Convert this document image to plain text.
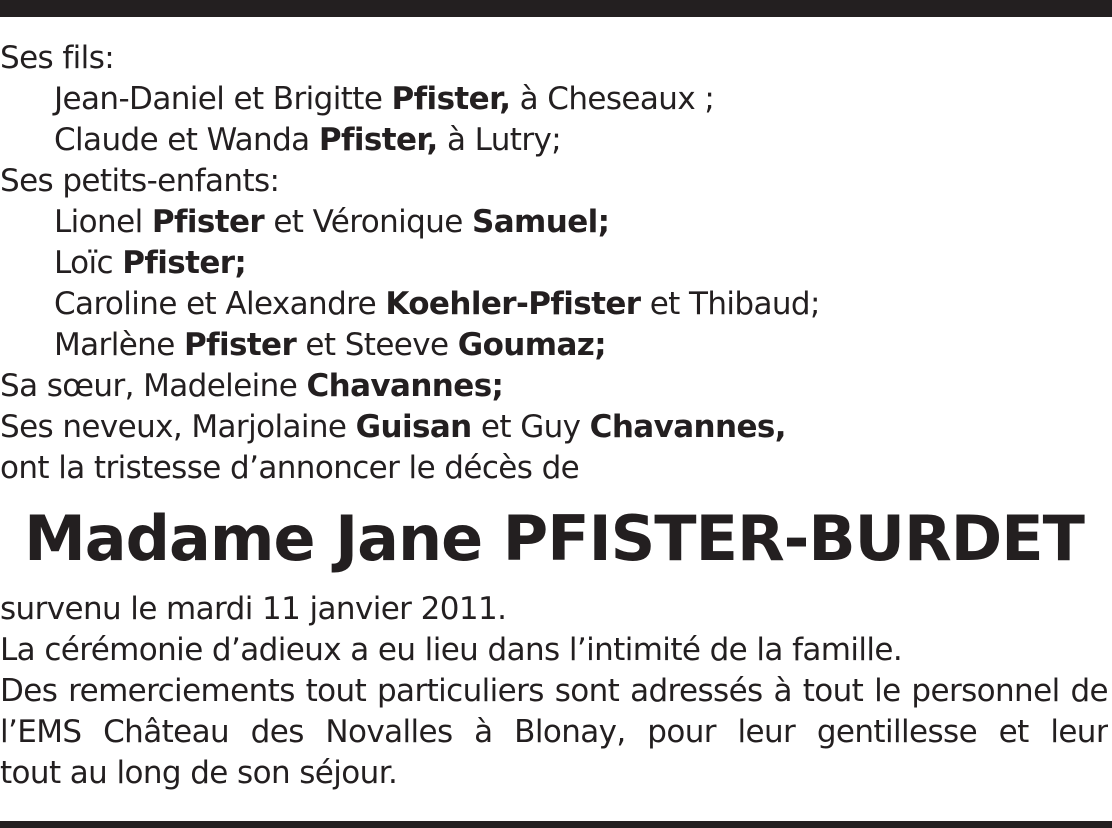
Ses fils:
Jean-Daniel et Brigitte Pfister, à Cheseaux ;
Claude et Wanda Pfister, à Lutry;
Ses petits-enfants:
Lionel Pfister et Véronique Samuel;
Loïc Pfister;
Caroline et Alexandre Koehler-Pfister et Thibaud;
Marlène Pfister et Steeve Goumaz;
Sa sœur, Madeleine Chavannes;
Ses neveux, Marjolaine Guisan et Guy Chavannes,
ont la tristesse d’annoncer le décès de
Madame Jane PFISTER-BURDET
survenu le mardi 11 janvier 2011.
La cérémonie d’adieux a eu lieu dans l’intimité de la famille.
Des remerciements tout particuliers sont adressés à tout le personnel de
l’EMS Château des Novalles à Blonay, pour leur gentillesse et leur
tout au long de son séjour.
